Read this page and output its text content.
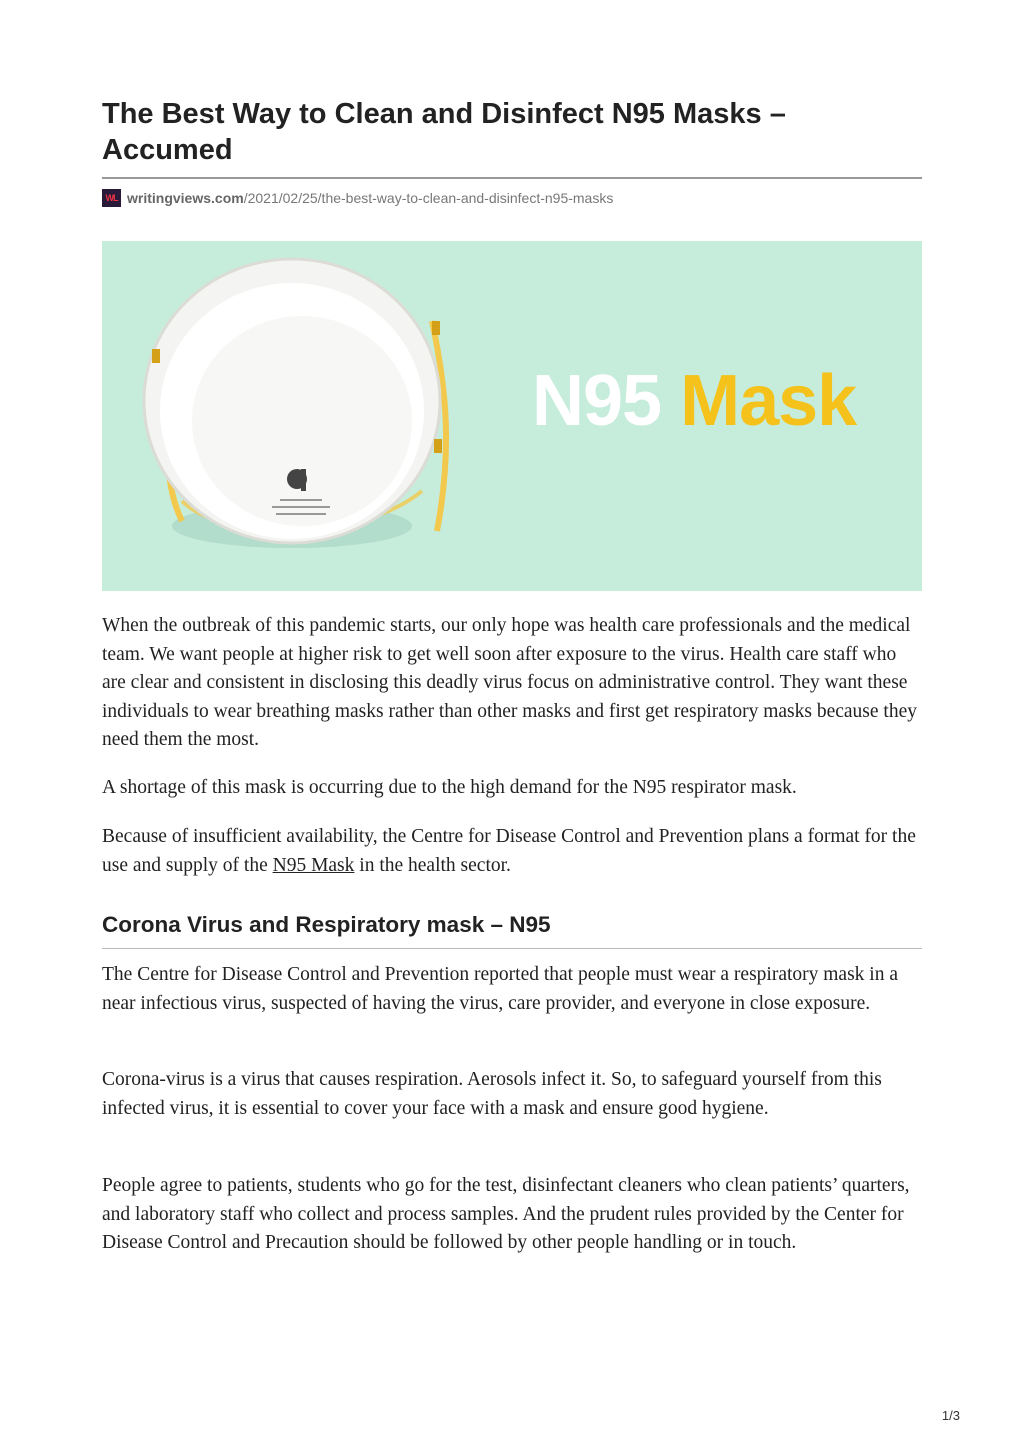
The Best Way to Clean and Disinfect N95 Masks – Accumed
WL writingviews.com /2021/02/25/the-best-way-to-clean-and-disinfect-n95-masks
N95 Mask

When the outbreak of this pandemic starts, our only hope was health care professionals and the medical team. We want people at higher risk to get well soon after exposure to the virus. Health care staff who are clear and consistent in disclosing this deadly virus focus on administrative control. They want these individuals to wear breathing masks rather than other masks and first get respiratory masks because they need them the most.

A shortage of this mask is occurring due to the high demand for the N95 respirator mask.

Because of insufficient availability, the Centre for Disease Control and Prevention plans a format for the use and supply of the N95 Mask in the health sector.

Corona Virus and Respiratory mask – N95

The Centre for Disease Control and Prevention reported that people must wear a respiratory mask in a near infectious virus, suspected of having the virus, care provider, and everyone in close exposure.

Corona-virus is a virus that causes respiration. Aerosols infect it. So, to safeguard yourself from this infected virus, it is essential to cover your face with a mask and ensure good hygiene.

People agree to patients, students who go for the test, disinfectant cleaners who clean patients’ quarters, and laboratory staff who collect and process samples. And the prudent rules provided by the Center for Disease Control and Precaution should be followed by other people handling or in touch.

1/3
